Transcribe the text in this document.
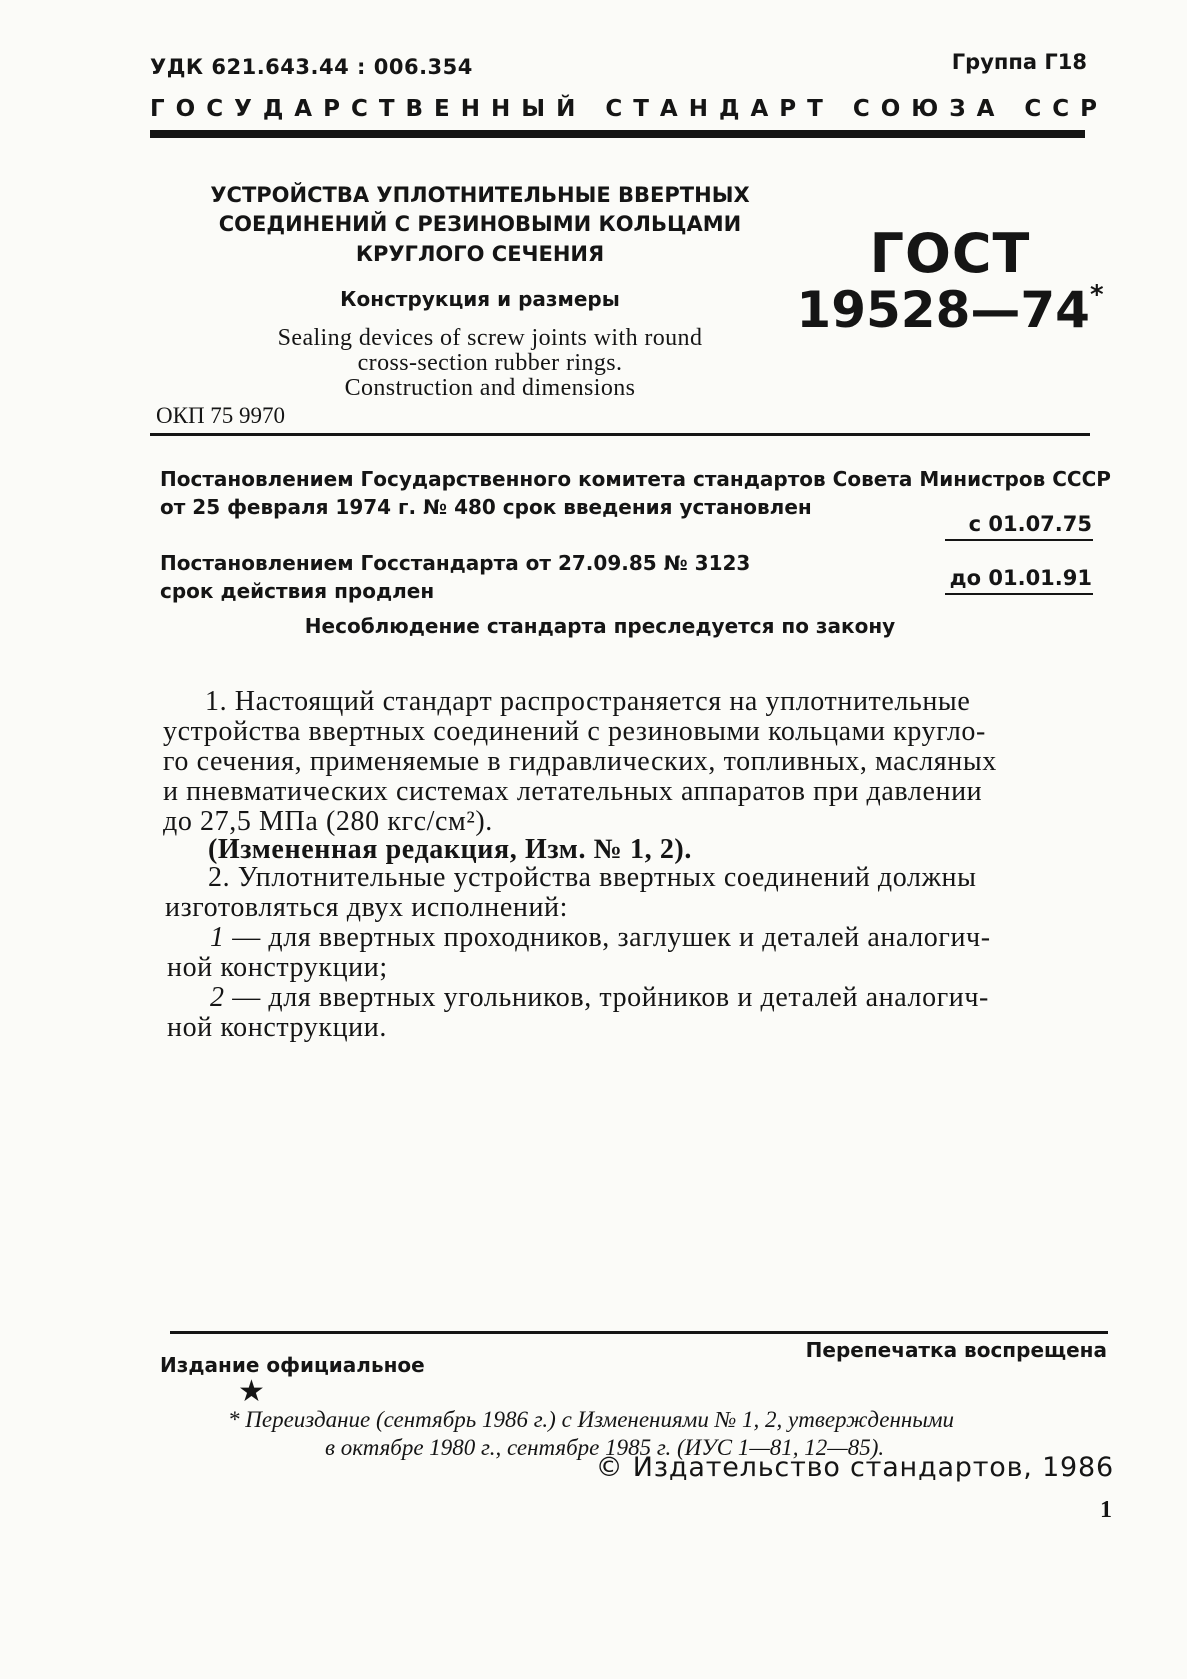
УДК 621.643.44 : 006.354	Группа Г18
ГОСУДАРСТВЕННЫЙ СТАНДАРТ СОЮЗА ССР
УСТРОЙСТВА УПЛОТНИТЕЛЬНЫЕ ВВЕРТНЫХ
СОЕДИНЕНИЙ С РЕЗИНОВЫМИ КОЛЬЦАМИ
КРУГЛОГО СЕЧЕНИЯ
Конструкция и размеры
Sealing devices of screw joints with round
cross-section rubber rings.
Construction and dimensions
ОКП 75 9970
ГОСТ
19528—74*
Постановлением Государственного комитета стандартов Совета Министров СССР
от 25 февраля 1974 г. № 480 срок введения установлен
с 01.07.75
Постановлением Госстандарта от 27.09.85 № 3123
срок действия продлен
до 01.01.91
Несоблюдение стандарта преследуется по закону
1. Настоящий стандарт распространяется на уплотнительные
устройства ввертных соединений с резиновыми кольцами кругло-
го сечения, применяемые в гидравлических, топливных, масляных
и пневматических системах летательных аппаратов при давлении
до 27,5 МПа (280 кгс/см²).
(Измененная редакция, Изм. № 1, 2).
2. Уплотнительные устройства ввертных соединений должны
изготовляться двух исполнений:
1 — для ввертных проходников, заглушек и деталей аналогич-
ной конструкции;
2 — для ввертных угольников, тройников и деталей аналогич-
ной конструкции.
Издание официальное
Перепечатка воспрещена
★
* Переиздание (сентябрь 1986 г.) с Изменениями № 1, 2, утвержденными
в октябре 1980 г., сентябре 1985 г. (ИУС 1—81, 12—85).
© Издательство стандартов, 1986
1
